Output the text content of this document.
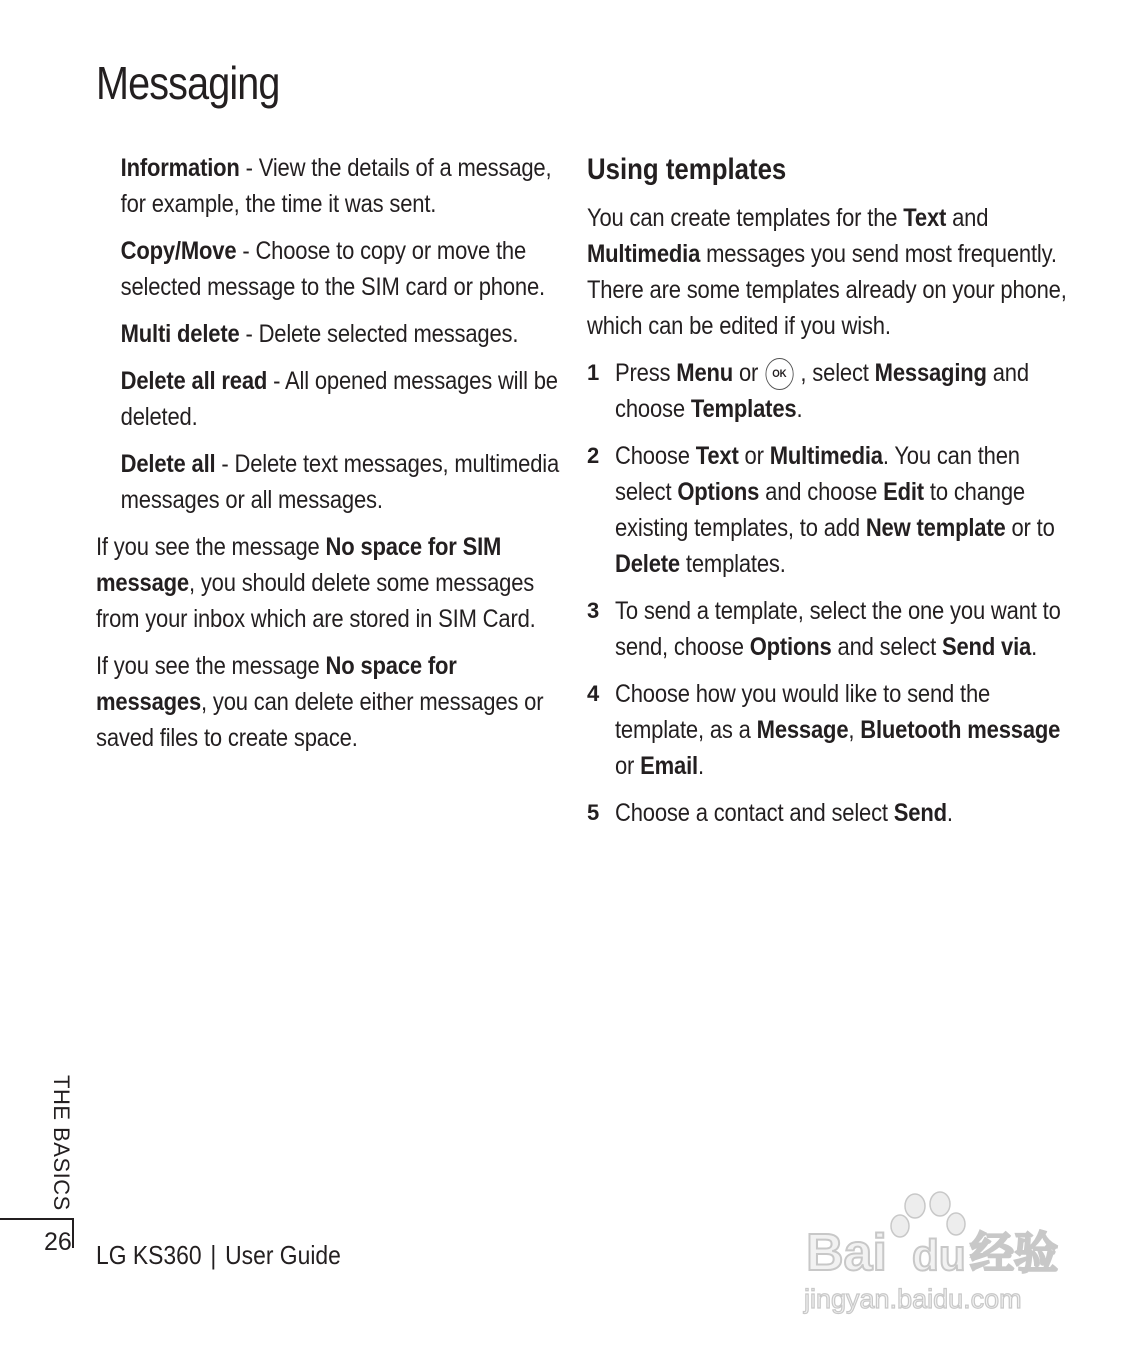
Messaging

Information - View the details of a message, for example, the time it was sent.

Copy/Move - Choose to copy or move the selected message to the SIM card or phone.

Multi delete - Delete selected messages.

Delete all read - All opened messages will be deleted.

Delete all - Delete text messages, multimedia messages or all messages.

If you see the message No space for SIM message, you should delete some messages from your inbox which are stored in SIM Card.

If you see the message No space for messages, you can delete either messages or saved files to create space.

Using templates

You can create templates for the Text and Multimedia messages you send most frequently. There are some templates already on your phone, which can be edited if you wish.

1 Press Menu or OK , select Messaging and choose Templates.

2 Choose Text or Multimedia. You can then select Options and choose Edit to change existing templates, to add New template or to Delete templates.

3 To send a template, select the one you want to send, choose Options and select Send via.

4 Choose how you would like to send the template, as a Message, Bluetooth message or Email.

5 Choose a contact and select Send.

THE BASICS
26 LG KS360 | User Guide	Bai du 经验
jingyan.baidu.com
